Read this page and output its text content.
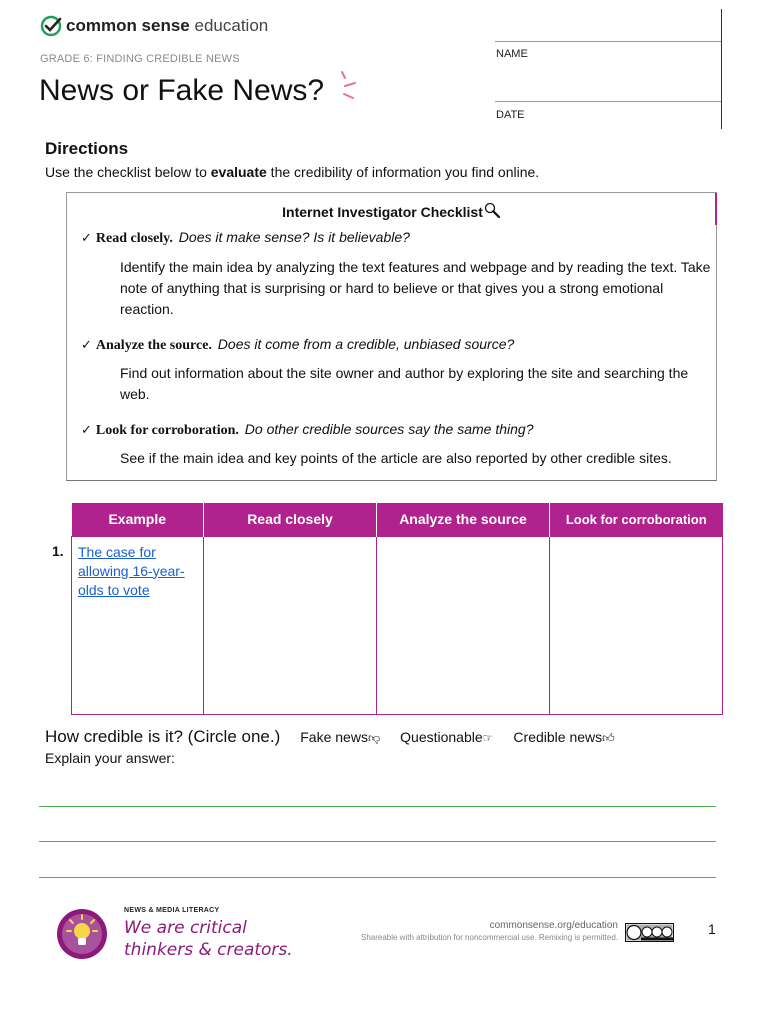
common sense education
GRADE 6: FINDING CREDIBLE NEWS
News or Fake News?
NAME
DATE
Directions
Use the checklist below to evaluate the credibility of information you find online.
Internet Investigator Checklist
✓ Read closely. Does it make sense? Is it believable?
Identify the main idea by analyzing the text features and webpage and by reading the text. Take note of anything that is surprising or hard to believe or that gives you a strong emotional reaction.
✓ Analyze the source. Does it come from a credible, unbiased source?
Find out information about the site owner and author by exploring the site and searching the web.
✓ Look for corroboration. Do other credible sources say the same thing?
See if the main idea and key points of the article are also reported by other credible sites.
1.
Example	Read closely	Analyze the source	Look for corroboration
The case for allowing 16-year-olds to vote			
How credible is it? (Circle one.) Fake news👎︎ Questionable☞ Credible news👍︎
Explain your answer:
NEWS & MEDIA LITERACY
We are critical
thinkers & creators.
commonsense.org/education
Shareable with attribution for noncommercial use. Remixing is permitted.
1
